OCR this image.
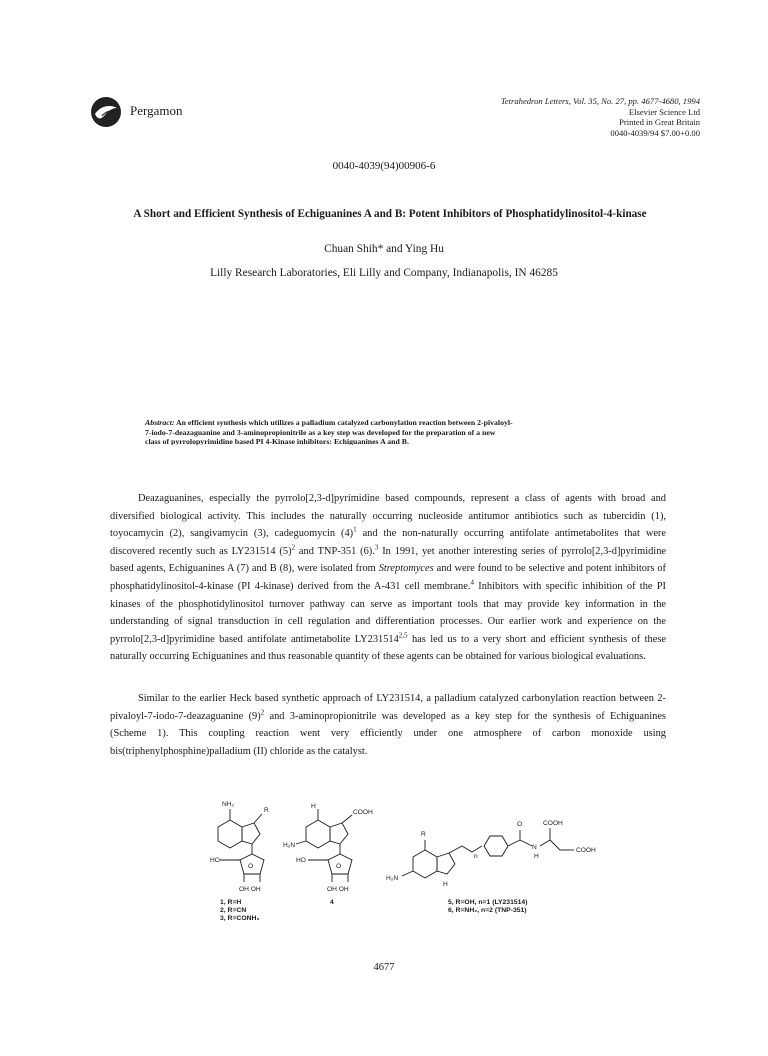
Pergamon
Tetrahedron Letters, Vol. 35, No. 27, pp. 4677-4680, 1994
Elsevier Science Ltd
Printed in Great Britain
0040-4039/94 $7.00+0.00
0040-4039(94)00906-6
A Short and Efficient Synthesis of Echiguanines A and B: Potent Inhibitors of Phosphatidylinositol-4-kinase
Chuan Shih* and Ying Hu
Lilly Research Laboratories, Eli Lilly and Company, Indianapolis, IN 46285
Abstract: An efficient synthesis which utilizes a palladium catalyzed carbonylation reaction between 2-pivaloyl-
7-iodo-7-deazaguanine and 3-aminopropionitrile as a key step was developed for the preparation of a new
class of pyrrolopyrimidine based PI 4-Kinase inhibitors: Echiguanines A and B.
Deazaguanines, especially the pyrrolo[2,3-d]pyrimidine based compounds, represent a class of agents with broad and diversified biological activity. This includes the naturally occurring nucleoside antitumor antibiotics such as tubercidin (1), toyocamycin (2), sangivamycin (3), cadeguomycin $(4)^1$ and the non-naturally occurring antifolate antimetabolites that were discovered recently such as LY231514 $(5)^2$ and TNP-351 (6).$^3$ In 1991, yet another interesting series of pyrrolo[2,3-d]pyrimidine based agents, Echiguanines A (7) and B (8), were isolated from Streptomyces and were found to be selective and potent inhibitors of phosphatidylinositol-4-kinase (PI 4-kinase) derived from the A-431 cell membrane.$^4$ Inhibitors with specific inhibition of the PI kinases of the phosphotidylinositol turnover pathway can serve as important tools that may provide key information in the understanding of signal transduction in cell regulation and differentiation processes. Our earlier work and experience on the pyrrolo[2,3-d]pyrimidine based antifolate antimetabolite LY231514$^{2,5}$ has led us to a very short and efficient synthesis of these naturally occurring Echiguanines and thus reasonable quantity of these agents can be obtained for various biological evaluations.
Similar to the earlier Heck based synthetic approach of LY231514, a palladium catalyzed carbonylation reaction between 2-pivaloyl-7-iodo-7-deazaguanine $(9)^2$ and 3-aminopropionitrile was developed as a key step for the synthesis of Echiguanines (Scheme 1). This coupling reaction went very efficiently under one atmosphere of carbon monoxide using bis(triphenylphosphine)palladium (II) chloride as the catalyst.
NH₂
R
HO
O
OH OH
H
COOH
H₂N
HO
O
OH OH
R
H₂N
H
n
O
N
H
COOH
COOH
1, R=H
2, R=CN
3, R=CONH₂
4	5, R=OH, n=1 (LY231514)
6, R=NH₂, n=2 (TNP-351)
4677
